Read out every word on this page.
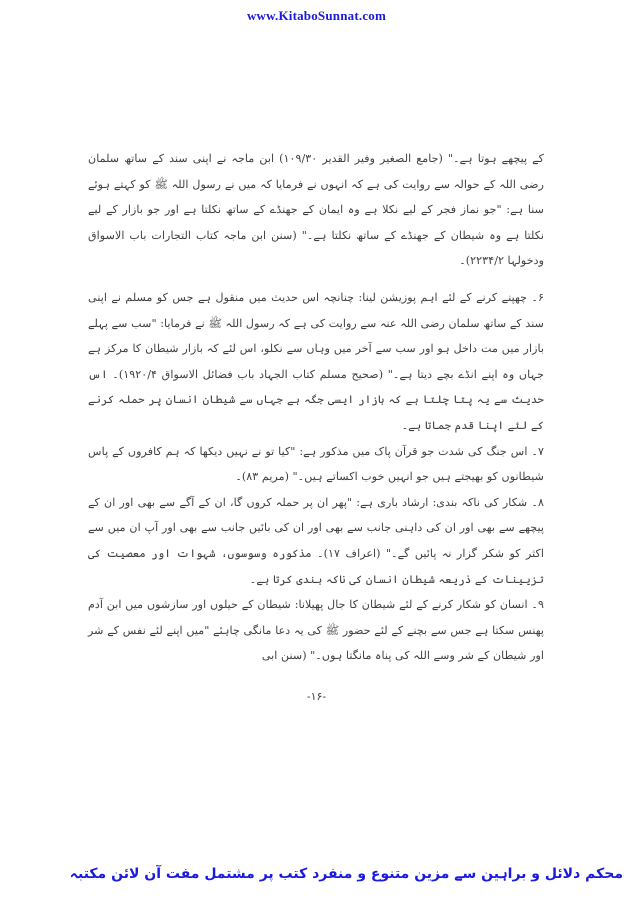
www.KitaboSunnat.com

کے پیچھے ہوتا ہے۔" (جامع الصغیر وفیر القدیر ۱۰۹/۳۰) ابن ماجہ نے اپنی سند کے ساتھ سلمان رضی اللہ کے حوالہ سے روایت کی ہے کہ انہوں نے فرمایا کہ میں نے رسول اللہ ﷺ کو کہتے ہوئے سنا ہے: "جو نماز فجر کے لیے نکلا ہے وہ ایمان کے جھنڈے کے ساتھ نکلتا ہے اور جو بازار کے لیے نکلتا ہے وہ شیطان کے جھنڈے کے ساتھ نکلتا ہے۔" (سنن ابن ماجہ کتاب التجارات باب الاسواق ودخولہا ۲۲۳۴/۲)۔

۶۔ چھپنے کرنے کے لئے اہم پوزیشن لینا: چنانچہ اس حدیث میں منقول ہے جس کو مسلم نے اپنی سند کے ساتھ سلمان رضی اللہ عنہ سے روایت کی ہے کہ رسول اللہ ﷺ نے فرمایا: "سب سے پہلے بازار میں مت داخل ہو اور سب سے آخر میں وہاں سے نکلو، اس لئے کہ بازار شیطان کا مرکز ہے جہاں وہ اپنے انڈے بچے دیتا ہے۔" (صحیح مسلم کتاب الجہاد باب فضائل الاسواق ۱۹۲۰/۴)۔ اس حدیث سے یہ پتا چلتا ہے کہ بازار ایسی جگہ ہے جہاں سے شیطان انسان پر حملہ کرنے کے لئے اپنا قدم جماتا ہے۔

۷۔ اس جنگ کی شدت جو قرآن پاک میں مذکور ہے: "کیا تو نے نہیں دیکھا کہ ہم کافروں کے پاس شیطانوں کو بھیجتے ہیں جو انہیں خوب اکساتے ہیں۔" (مریم ۸۳)۔

۸۔ شکار کی ناکہ بندی: ارشاد باری ہے: "پھر ان پر حملہ کروں گا، ان کے آگے سے بھی اور ان کے پیچھے سے بھی اور ان کی داہنی جانب سے بھی اور ان کی بائیں جانب سے بھی اور آپ ان میں سے اکثر کو شکر گزار نہ پائیں گے۔" (اعراف ۱۷)۔ مذکورہ وسوسوں، شہوات اور معصیت کی تزیینات کے ذریعہ شیطان انسان کی ناکہ بندی کرتا ہے۔

۹۔ انسان کو شکار کرنے کے لئے شیطان کا جال پھیلانا: شیطان کے حیلوں اور سازشوں میں ابن آدم پھنس سکتا ہے جس سے بچنے کے لئے حضور ﷺ کی یہ دعا مانگی چاہئے "میں اپنے لئے نفس کے شر اور شیطان کے شر وسے اللہ کی پناہ مانگتا ہوں۔" (سنن ابی

-۱۶-
محکم دلائل و براہین سے مزین متنوع و منفرد کتب پر مشتمل مفت آن لائن مکتبہ
